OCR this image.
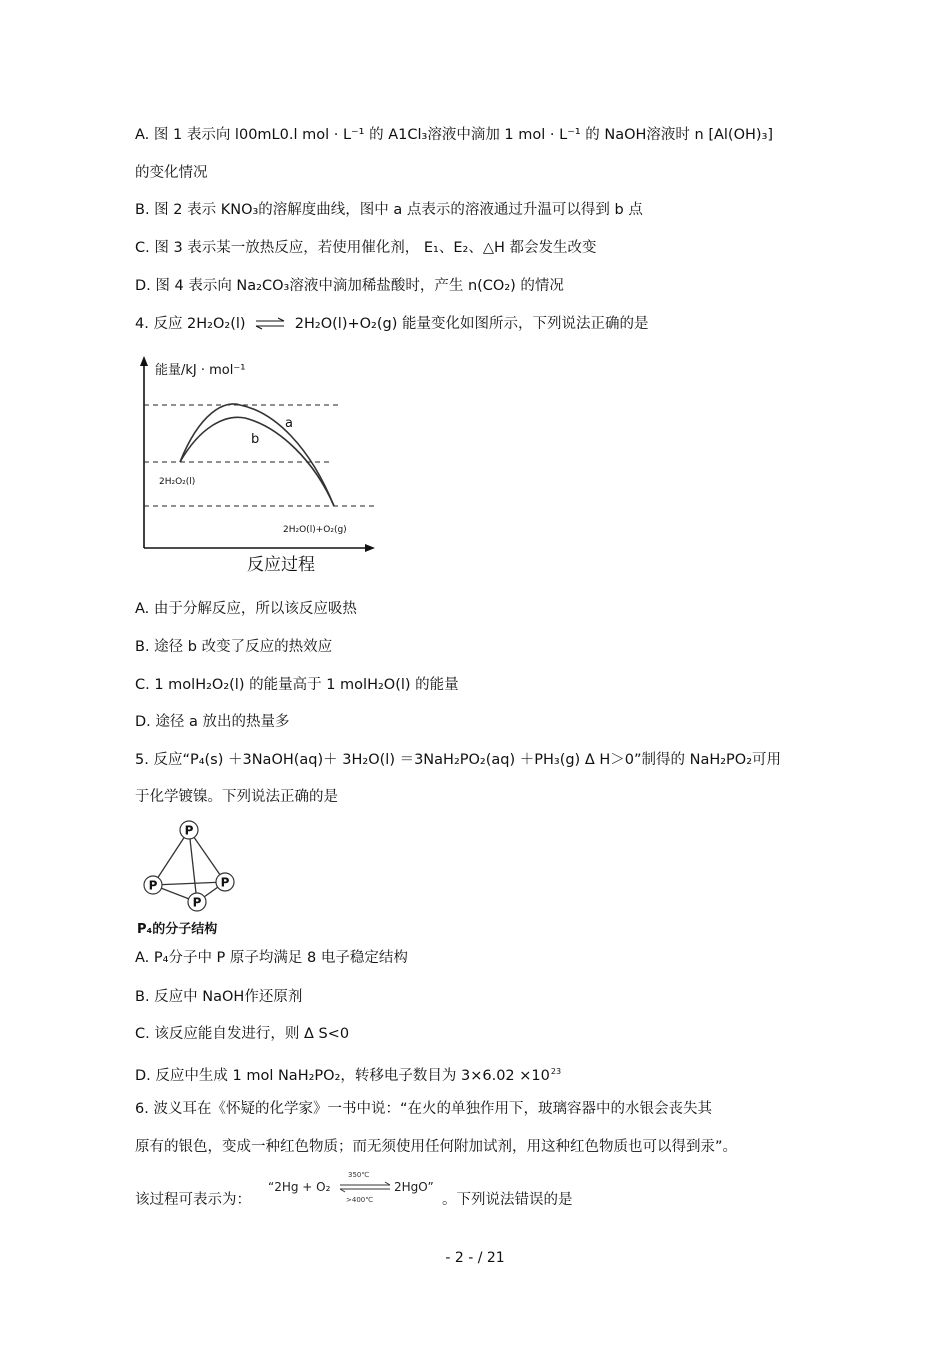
A. 图 1 表示向 l00mL0.l mol · L⁻¹ 的 A1Cl₃溶液中滴加 1 mol · L⁻¹ 的 NaOH溶液时 n [Al(OH)₃]
的变化情况
B. 图 2 表示 KNO₃的溶解度曲线，图中 a 点表示的溶液通过升温可以得到 b 点
C. 图 3 表示某一放热反应，若使用催化剂， E₁、E₂、△H 都会发生改变
D. 图 4 表示向 Na₂CO₃溶液中滴加稀盐酸时，产生 n(CO₂) 的情况
4. 反应 2H₂O₂(l) ⇌ 2H₂O(l)+O₂(g) 能量变化如图所示，下列说法正确的是
能量/kJ · mol⁻¹
a
b
2H₂O₂(l)
2H₂O(l)+O₂(g)
反应过程
A. 由于分解反应，所以该反应吸热
B. 途径 b 改变了反应的热效应
C. 1 molH₂O₂(l) 的能量高于 1 molH₂O(l) 的能量
D. 途径 a 放出的热量多
5. 反应“P₄(s) ＋3NaOH(aq)＋ 3H₂O(l) ＝3NaH₂PO₂(aq) ＋PH₃(g) Δ H＞0”制得的 NaH₂PO₂可用
于化学镀镍。下列说法正确的是
P
P	P
P
P₄的分子结构
A. P₄分子中 P 原子均满足 8 电子稳定结构
B. 反应中 NaOH作还原剂
C. 该反应能自发进行，则 Δ S<0
D. 反应中生成 1 mol NaH₂PO₂，转移电子数目为 $3\times 6.02 \times 10^{23}$
6. 波义耳在《怀疑的化学家》一书中说：“在火的单独作用下，玻璃容器中的水银会丧失其
原有的银色，变成一种红色物质；而无须使用任何附加试剂，用这种红色物质也可以得到汞”。
该过程可表示为：
“2Hg + O₂
350℃
>400℃
2HgO”
。下列说法错误的是
- 2 - / 21
